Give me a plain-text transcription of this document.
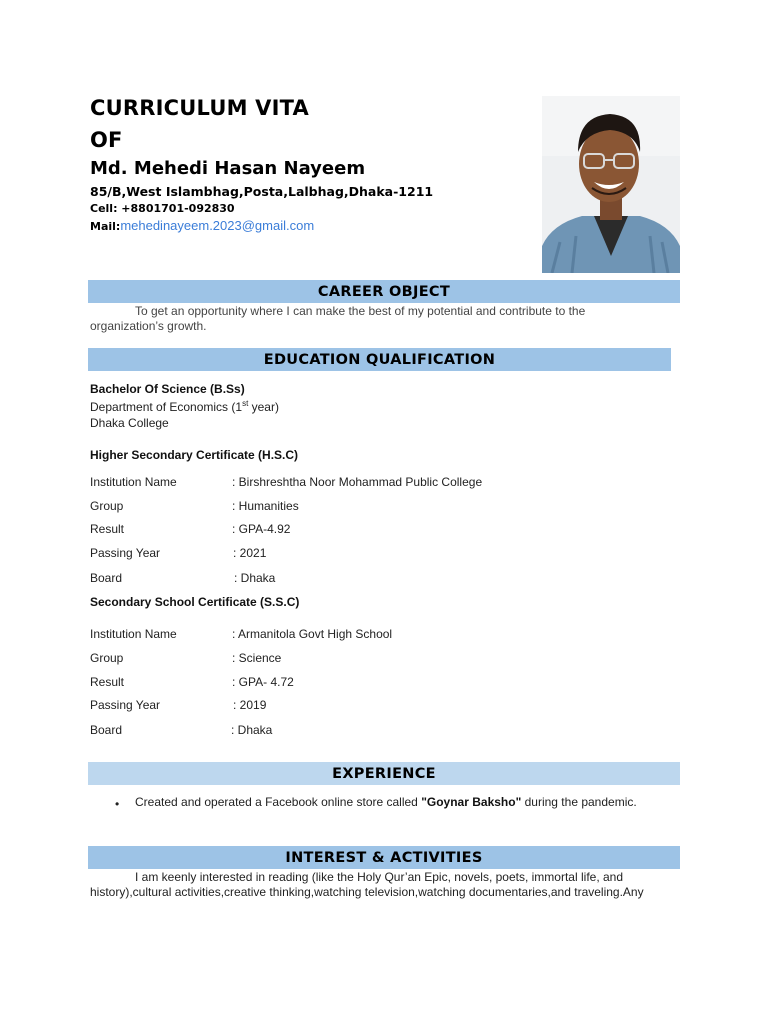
CURRICULUM VITA
OF
Md. Mehedi Hasan Nayeem
85/B,West Islambhag,Posta,Lalbhag,Dhaka-1211
Cell: +8801701-092830
Mail:mehedinayeem.2023@gmail.com
CAREER OBJECT
To get an opportunity where I can make the best of my potential and contribute to the
organization’s growth.
EDUCATION QUALIFICATION
Bachelor Of Science (B.Ss)
Department of Economics (1st year)
Dhaka College
Higher Secondary Certificate (H.S.C)
Institution Name	: Birshreshtha Noor Mohammad Public College
Group	: Humanities
Result	: GPA-4.92
Passing Year	: 2021
Board	: Dhaka
Secondary School Certificate (S.S.C)
Institution Name	: Armanitola Govt High School
Group	: Science
Result	: GPA- 4.72
Passing Year	: 2019
Board	: Dhaka
EXPERIENCE
• Created and operated a Facebook online store called "Goynar Baksho" during the pandemic.
INTEREST & ACTIVITIES
I am keenly interested in reading (like the Holy Qur’an Epic, novels, poets, immortal life, and
history),cultural activities,creative thinking,watching television,watching documentaries,and traveling.Any
